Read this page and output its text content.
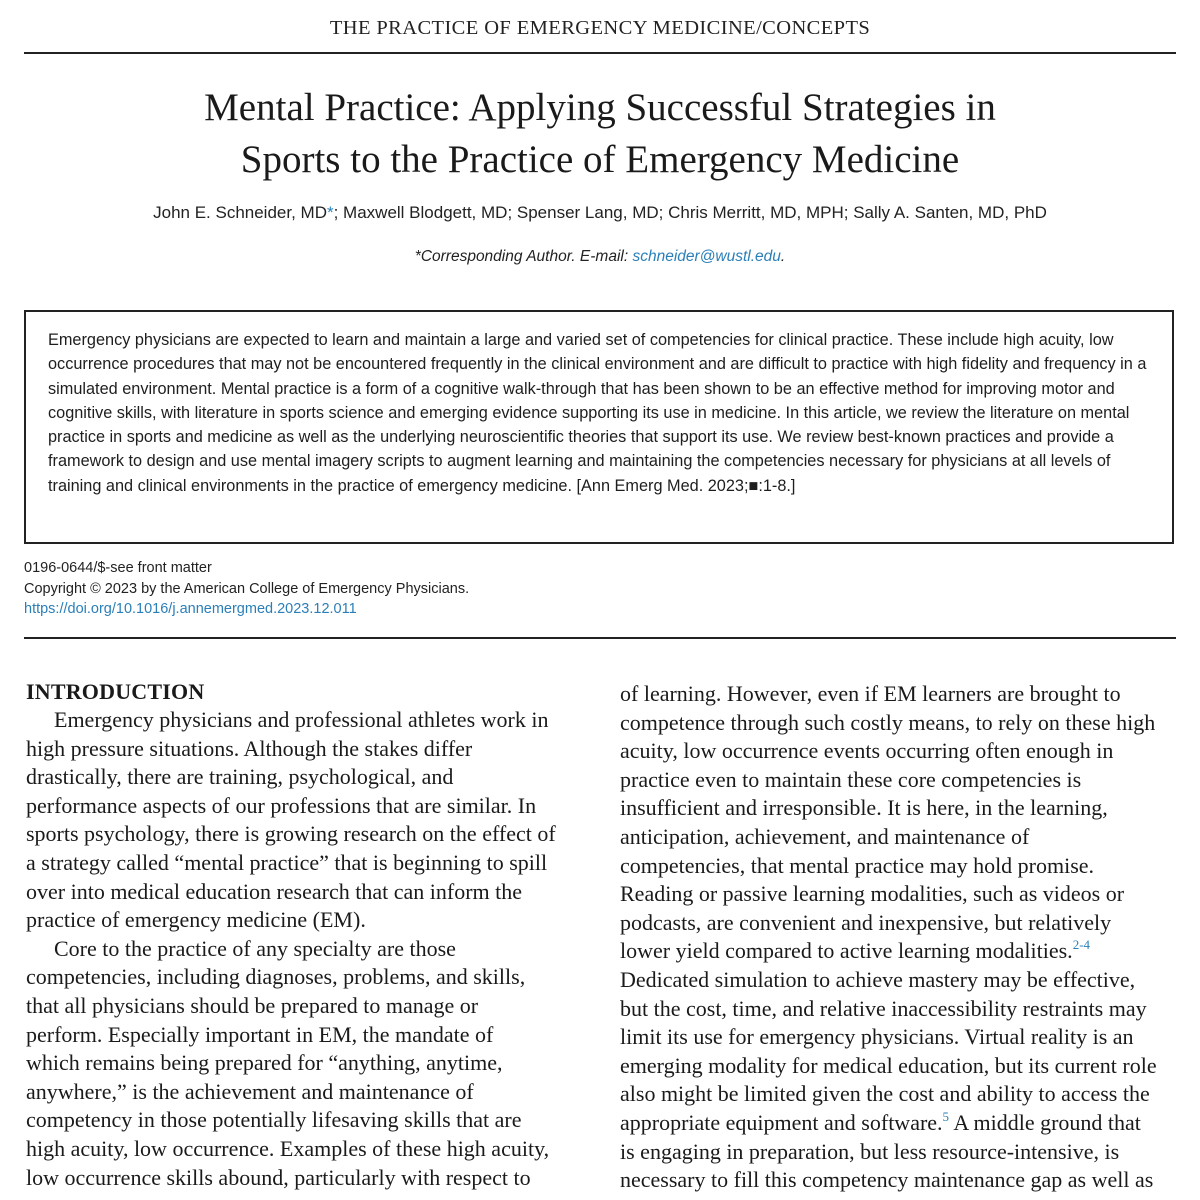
THE PRACTICE OF EMERGENCY MEDICINE/CONCEPTS
Mental Practice: Applying Successful Strategies in
Sports to the Practice of Emergency Medicine
John E. Schneider, MD*; Maxwell Blodgett, MD; Spenser Lang, MD; Chris Merritt, MD, MPH; Sally A. Santen, MD, PhD
*Corresponding Author. E-mail: schneider@wustl.edu.

Emergency physicians are expected to learn and maintain a large and varied set of competencies for clinical practice. These include high acuity, low occurrence procedures that may not be encountered frequently in the clinical environment and are difficult to practice with high fidelity and frequency in a simulated environment. Mental practice is a form of a cognitive walk-through that has been shown to be an effective method for improving motor and cognitive skills, with literature in sports science and emerging evidence supporting its use in medicine. In this article, we review the literature on mental practice in sports and medicine as well as the underlying neuroscientific theories that support its use. We review best-known practices and provide a framework to design and use mental imagery scripts to augment learning and maintaining the competencies necessary for physicians at all levels of training and clinical environments in the practice of emergency medicine. [Ann Emerg Med. 2023;■:1-8.]

0196-0644/$-see front matter
Copyright © 2023 by the American College of Emergency Physicians.
https://doi.org/10.1016/j.annemergmed.2023.12.011
INTRODUCTION
Emergency physicians and professional athletes work in
high pressure situations. Although the stakes differ
drastically, there are training, psychological, and
performance aspects of our professions that are similar. In
sports psychology, there is growing research on the effect of
a strategy called “mental practice” that is beginning to spill
over into medical education research that can inform the
practice of emergency medicine (EM).
Core to the practice of any specialty are those
competencies, including diagnoses, problems, and skills,
that all physicians should be prepared to manage or
perform. Especially important in EM, the mandate of
which remains being prepared for “anything, anytime,
anywhere,” is the achievement and maintenance of
competency in those potentially lifesaving skills that are
high acuity, low occurrence. Examples of these high acuity,
low occurrence skills abound, particularly with respect to
of learning. However, even if EM learners are brought to
competence through such costly means, to rely on these high
acuity, low occurrence events occurring often enough in
practice even to maintain these core competencies is
insufficient and irresponsible. It is here, in the learning,
anticipation, achievement, and maintenance of
competencies, that mental practice may hold promise.
Reading or passive learning modalities, such as videos or
podcasts, are convenient and inexpensive, but relatively
lower yield compared to active learning modalities.$^{2-4}$
Dedicated simulation to achieve mastery may be effective,
but the cost, time, and relative inaccessibility restraints may
limit its use for emergency physicians. Virtual reality is an
emerging modality for medical education, but its current role
also might be limited given the cost and ability to access the
appropriate equipment and software.$^5$ A middle ground that
is engaging in preparation, but less resource-intensive, is
necessary to fill this competency maintenance gap as well as
